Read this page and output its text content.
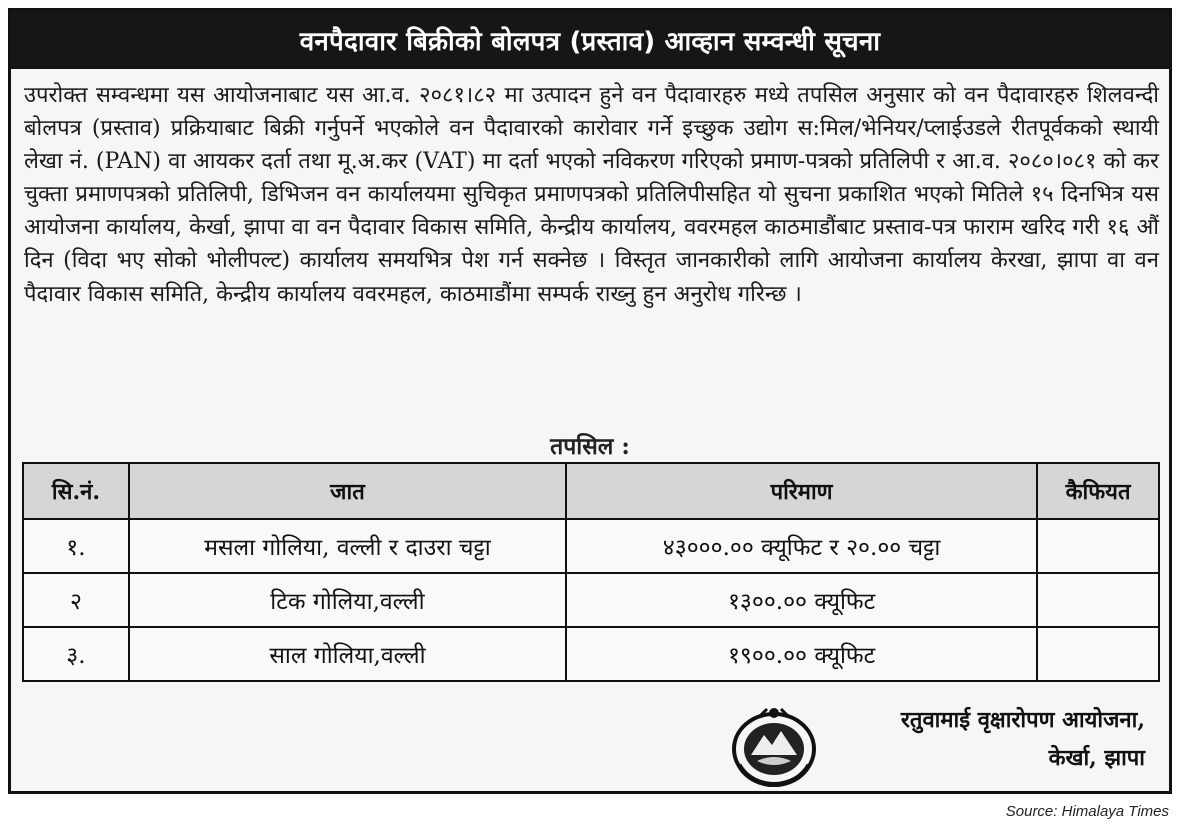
वनपैदावार बिक्रीको बोलपत्र (प्रस्ताव) आव्हान सम्वन्धी सूचना
उपरोक्त सम्वन्धमा यस आयोजनाबाट यस आ.व. २०८१।८२ मा उत्पादन हुने वन पैदावारहरु मध्ये तपसिल अनुसार को वन पैदावारहरु शिलवन्दी बोलपत्र (प्रस्ताव) प्रक्रियाबाट बिक्री गर्नुपर्ने भएकोले वन पैदावारको कारोवार गर्ने इच्छुक उद्योग स:मिल/भेनियर/प्लाईउडले रीतपूर्वकको स्थायी लेखा नं. (PAN) वा आयकर दर्ता तथा मू.अ.कर (VAT) मा दर्ता भएको नविकरण गरिएको प्रमाण-पत्रको प्रतिलिपी र आ.व. २०८०।०८१ को कर चुक्ता प्रमाणपत्रको प्रतिलिपी, डिभिजन वन कार्यालयमा सुचिकृत प्रमाणपत्रको प्रतिलिपीसहित यो सुचना प्रकाशित भएको मितिले १५ दिनभित्र यस आयोजना कार्यालय, केर्खा, झापा वा वन पैदावार विकास समिति, केन्द्रीय कार्यालय, ववरमहल काठमाडौंबाट प्रस्ताव-पत्र फाराम खरिद गरी १६ औं दिन (विदा भए सोको भोलीपल्ट) कार्यालय समयभित्र पेश गर्न सक्नेछ । विस्तृत जानकारीको लागि आयोजना कार्यालय केरखा, झापा वा वन पैदावार विकास समिति, केन्द्रीय कार्यालय ववरमहल, काठमाडौंमा सम्पर्क राख्नु हुन अनुरोध गरिन्छ ।
तपसिल :
सि.नं.	जात	परिमाण	कैफियत
१.	मसला गोलिया, वल्ली र दाउरा चट्टा	४३०००.०० क्यूफिट र २०.०० चट्टा	
२	टिक गोलिया,वल्ली	१३००.०० क्यूफिट	
३.	साल गोलिया,वल्ली	१९००.०० क्यूफिट	
रतुवामाई वृक्षारोपण आयोजना,
केर्खा, झापा
Source: Himalaya Times
